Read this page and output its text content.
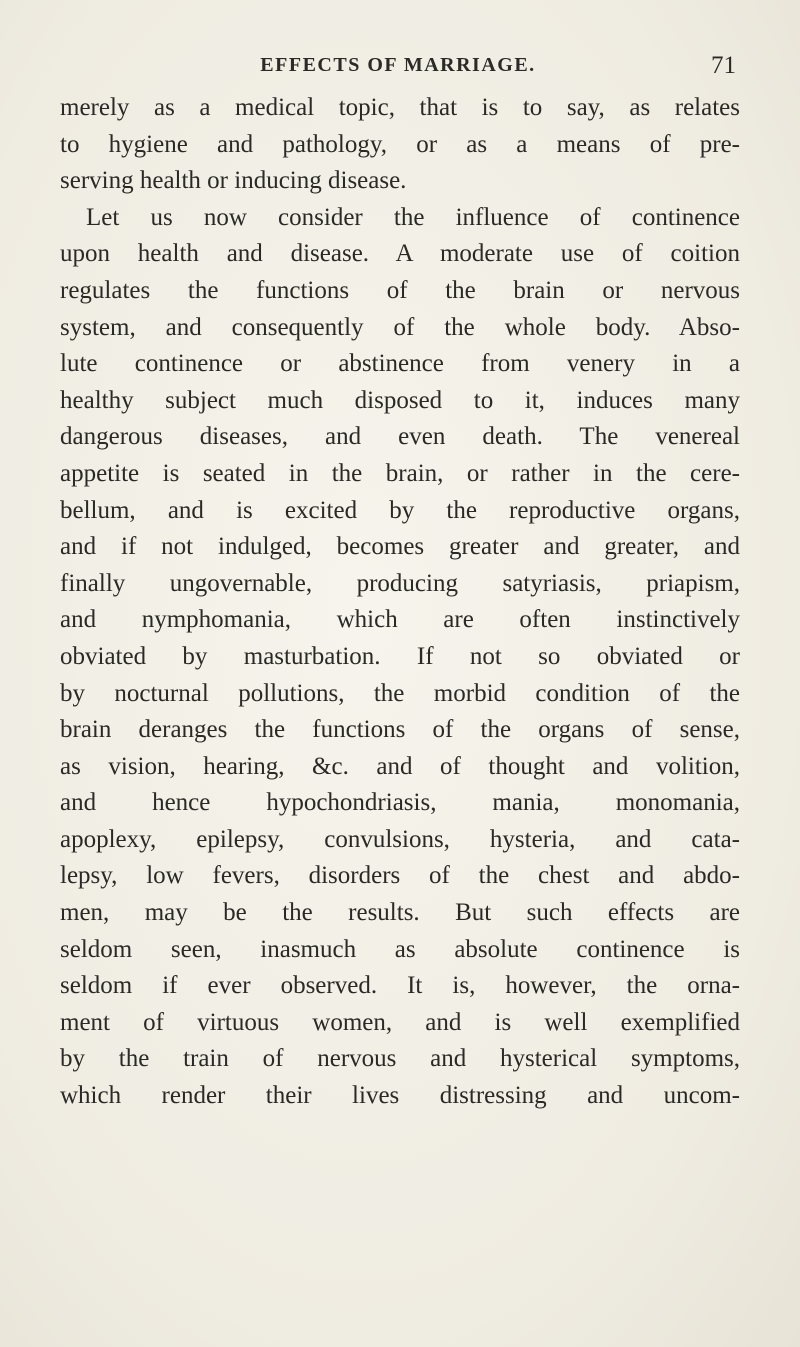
EFFECTS OF MARRIAGE.	71
merely as a medical topic, that is to say, as relates
to hygiene and pathology, or as a means of pre-
serving health or inducing disease.
Let us now consider the influence of continence
upon health and disease. A moderate use of coition
regulates the functions of the brain or nervous
system, and consequently of the whole body. Abso-
lute continence or abstinence from venery in a
healthy subject much disposed to it, induces many
dangerous diseases, and even death. The venereal
appetite is seated in the brain, or rather in the cere-
bellum, and is excited by the reproductive organs,
and if not indulged, becomes greater and greater, and
finally ungovernable, producing satyriasis, priapism,
and nymphomania, which are often instinctively
obviated by masturbation. If not so obviated or
by nocturnal pollutions, the morbid condition of the
brain deranges the functions of the organs of sense,
as vision, hearing, &c. and of thought and volition,
and hence hypochondriasis, mania, monomania,
apoplexy, epilepsy, convulsions, hysteria, and cata-
lepsy, low fevers, disorders of the chest and abdo-
men, may be the results. But such effects are
seldom seen, inasmuch as absolute continence is
seldom if ever observed. It is, however, the orna-
ment of virtuous women, and is well exemplified
by the train of nervous and hysterical symptoms,
which render their lives distressing and uncom-
